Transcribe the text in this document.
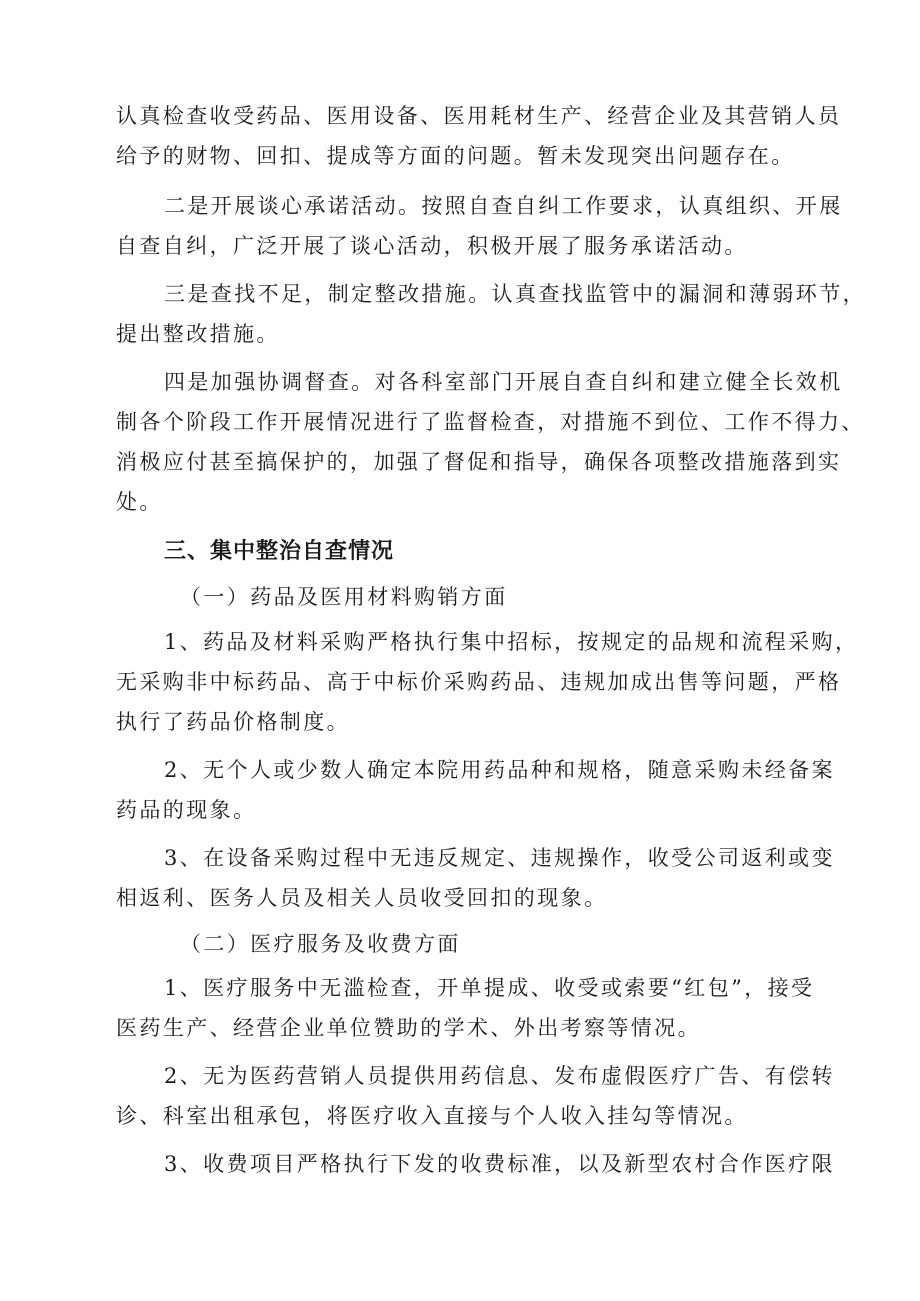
认真检查收受药品、医用设备、医用耗材生产、经营企业及其营销人员
给予的财物、回扣、提成等方面的问题。暂未发现突出问题存在。

二是开展谈心承诺活动。按照自查自纠工作要求，认真组织、开展
自查自纠，广泛开展了谈心活动，积极开展了服务承诺活动。

三是查找不足，制定整改措施。认真查找监管中的漏洞和薄弱环节，
提出整改措施。

四是加强协调督查。对各科室部门开展自查自纠和建立健全长效机
制各个阶段工作开展情况进行了监督检查，对措施不到位、工作不得力、
消极应付甚至搞保护的，加强了督促和指导，确保各项整改措施落到实
处。

三、集中整治自查情况

（一）药品及医用材料购销方面

1、药品及材料采购严格执行集中招标，按规定的品规和流程采购，
无采购非中标药品、高于中标价采购药品、违规加成出售等问题，严格
执行了药品价格制度。

2、无个人或少数人确定本院用药品种和规格，随意采购未经备案
药品的现象。

3、在设备采购过程中无违反规定、违规操作，收受公司返利或变
相返利、医务人员及相关人员收受回扣的现象。

（二）医疗服务及收费方面

1、医疗服务中无滥检查，开单提成、收受或索要“红包”，接受
医药生产、经营企业单位赞助的学术、外出考察等情况。

2、无为医药营销人员提供用药信息、发布虚假医疗广告、有偿转
诊、科室出租承包，将医疗收入直接与个人收入挂勾等情况。

3、收费项目严格执行下发的收费标准，以及新型农村合作医疗限
